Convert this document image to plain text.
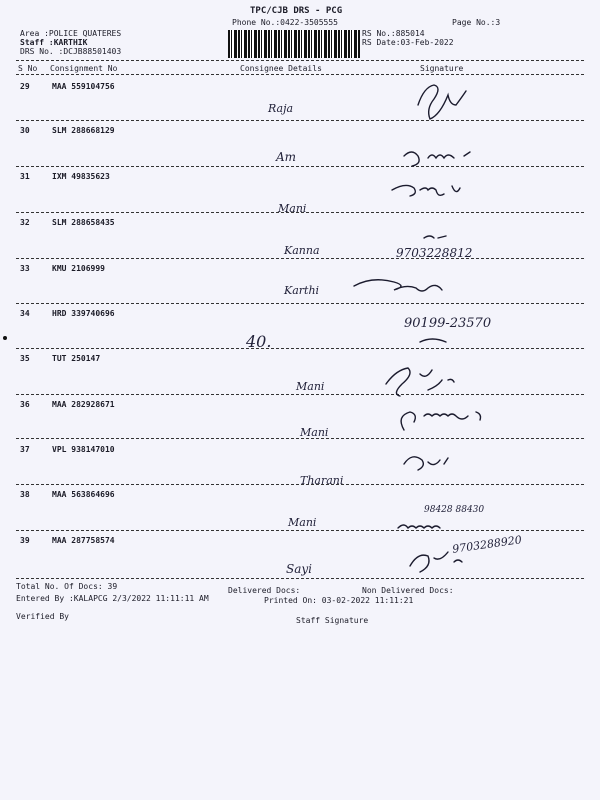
TPC/CJB DRS - PCG
Phone No.:0422-3505555	Page No.:3
Area :POLICE QUATERES
Staff :KARTHIK
DRS No. :DCJB88501403
RS No.:885014
RS Date:03-Feb-2022
S No Consignment No	Consignee Details	Signature
29	MAA 559104756
Raja
30	SLM 288668129
Am
31	IXM 49835623
Mani
32	SLM 288658435
Kanna	9703228812
33	KMU 2106999
Karthi
34	HRD 339740696
40.
90199-23570
35	TUT 250147
Mani
36	MAA 282928671
Mani
37	VPL 938147010
Tharani
38	MAA 563864696
Mani
98428 88430
39	MAA 287758574
Sayi
9703288920
Total No. Of Docs: 39	Delivered Docs:	Non Delivered Docs:
Entered By :KALAPCG 2/3/2022 11:11:11 AM	Printed On: 03-02-2022 11:11:21
Verified By	Staff Signature
